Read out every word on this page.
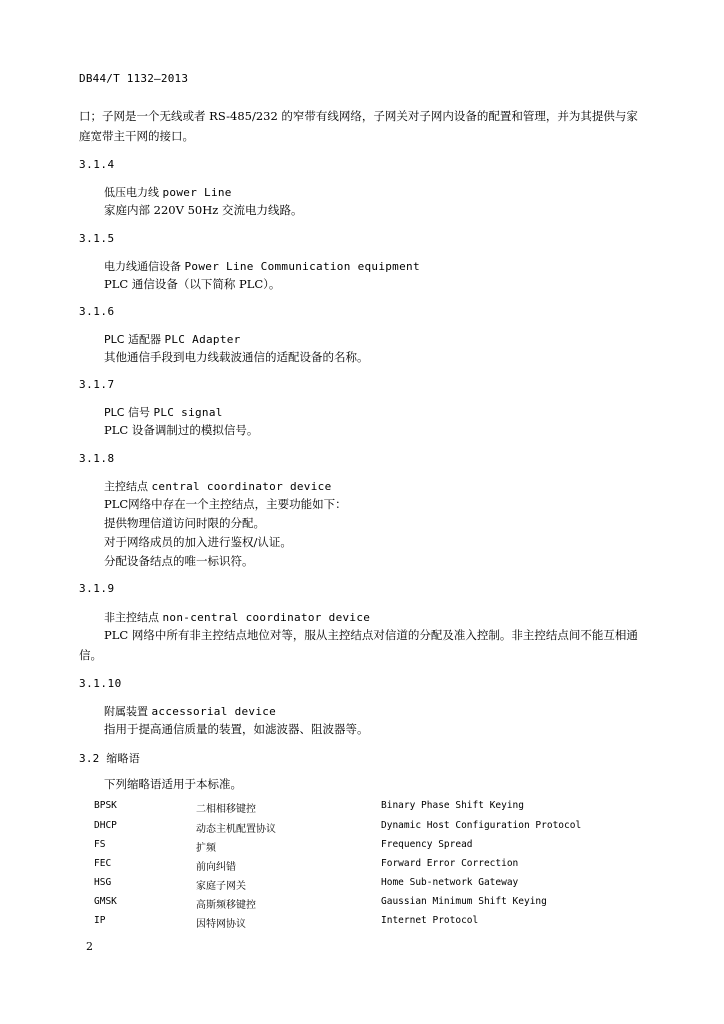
DB44/T 1132—2013
口；子网是一个无线或者 RS-485/232 的窄带有线网络，子网关对子网内设备的配置和管理，并为其提供与家庭宽带主干网的接口。
3.1.4
低压电力线 power Line
家庭内部 220V 50Hz 交流电力线路。
3.1.5
电力线通信设备 Power Line Communication equipment
PLC 通信设备（以下简称 PLC）。
3.1.6
PLC 适配器 PLC Adapter
其他通信手段到电力线载波通信的适配设备的名称。
3.1.7
PLC 信号 PLC signal
PLC 设备调制过的模拟信号。
3.1.8
主控结点 central coordinator device
PLC网络中存在一个主控结点，主要功能如下：
提供物理信道访问时限的分配。
对于网络成员的加入进行鉴权/认证。
分配设备结点的唯一标识符。
3.1.9
非主控结点 non-central coordinator device
PLC 网络中所有非主控结点地位对等，服从主控结点对信道的分配及准入控制。非主控结点间不能互相通信。
3.1.10
附属装置 accessorial device
指用于提高通信质量的装置，如滤波器、阻波器等。
3.2 缩略语
下列缩略语适用于本标准。
BPSK	二相相移键控	Binary Phase Shift Keying
DHCP	动态主机配置协议	Dynamic Host Configuration Protocol
FS	扩频	Frequency Spread
FEC	前向纠错	Forward Error Correction
HSG	家庭子网关	Home Sub-network Gateway
GMSK	高斯频移键控	Gaussian Minimum Shift Keying
IP	因特网协议	Internet Protocol
2
